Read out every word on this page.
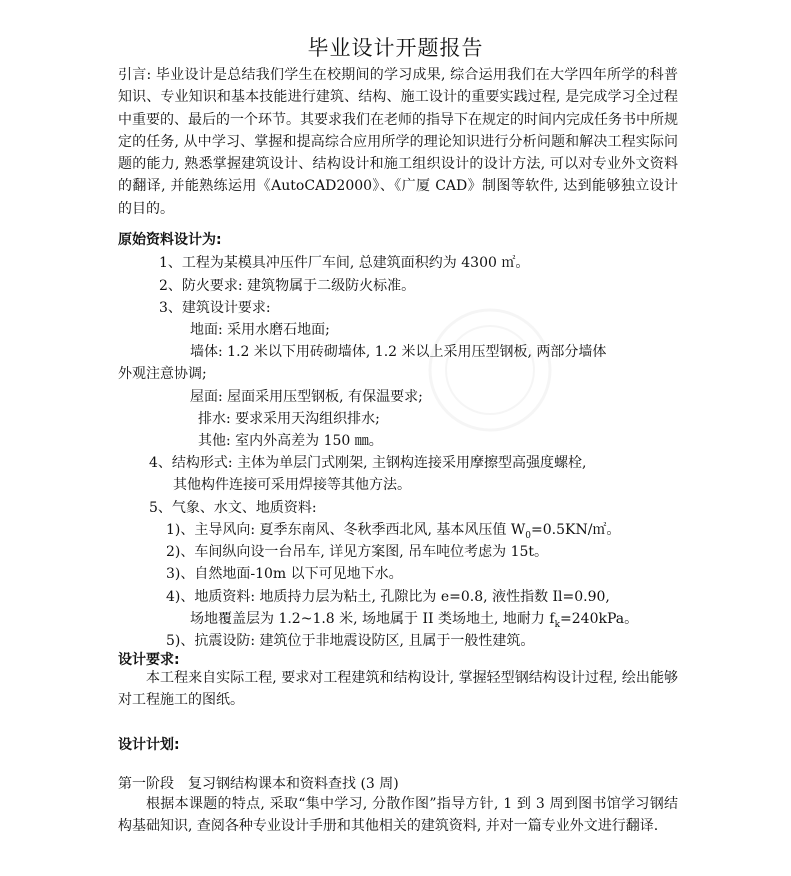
毕业设计开题报告
引言: 毕业设计是总结我们学生在校期间的学习成果, 综合运用我们在大学四年所学的科普知识、专业知识和基本技能进行建筑、结构、施工设计的重要实践过程, 是完成学习全过程中重要的、最后的一个环节。其要求我们在老师的指导下在规定的时间内完成任务书中所规定的任务, 从中学习、掌握和提高综合应用所学的理论知识进行分析问题和解决工程实际问题的能力, 熟悉掌握建筑设计、结构设计和施工组织设计的设计方法, 可以对专业外文资料的翻译, 并能熟练运用《AutoCAD2000》、《广厦 CAD》制图等软件, 达到能够独立设计的目的。
原始资料设计为:
1、工程为某模具冲压件厂车间, 总建筑面积约为 4300 ㎡。
2、防火要求: 建筑物属于二级防火标准。
3、建筑设计要求:
地面: 采用水磨石地面;
墙体: 1.2 米以下用砖砌墙体, 1.2 米以上采用压型钢板, 两部分墙体
外观注意协调;
屋面: 屋面采用压型钢板, 有保温要求;
排水: 要求采用天沟组织排水;
其他: 室内外高差为 150 ㎜。
4、结构形式: 主体为单层门式刚架, 主钢构连接采用摩擦型高强度螺栓,
其他构件连接可采用焊接等其他方法。
5、气象、水文、地质资料:
1)、主导风向: 夏季东南风、冬秋季西北风, 基本风压值 $W_0=0.5KN/㎡$。
2)、车间纵向设一台吊车, 详见方案图, 吊车吨位考虑为 15t。
3)、自然地面-10m 以下可见地下水。
4)、地质资料: 地质持力层为粘土, 孔隙比为 e=0.8, 液性指数 Il=0.90,
场地覆盖层为 1.2~1.8 米, 场地属于 II 类场地土, 地耐力 $f_k=240kPa$。
5)、抗震设防: 建筑位于非地震设防区, 且属于一般性建筑。
设计要求:
本工程来自实际工程, 要求对工程建筑和结构设计, 掌握轻型钢结构设计过程, 绘出能够对工程施工的图纸。
设计计划:
第一阶段　复习钢结构课本和资料查找 (3 周)
根据本课题的特点, 采取“集中学习, 分散作图”指导方针, 1 到 3 周到图书馆学习钢结构基础知识, 查阅各种专业设计手册和其他相关的建筑资料, 并对一篇专业外文进行翻译.
